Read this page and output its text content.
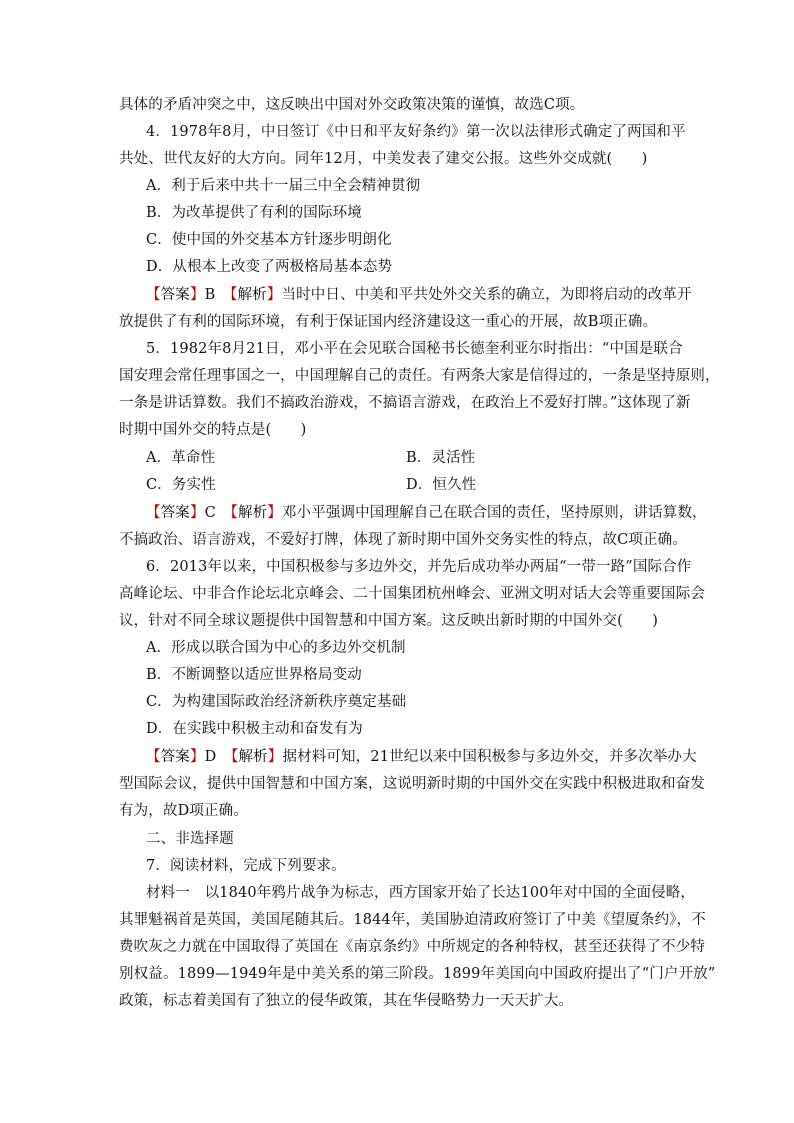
具体的矛盾冲突之中，这反映出中国对外交政策决策的谨慎，故选C项。
4．1978年8月，中日签订《中日和平友好条约》第一次以法律形式确定了两国和平
共处、世代友好的大方向。同年12月，中美发表了建交公报。这些外交成就(　　)
A．利于后来中共十一届三中全会精神贯彻
B．为改革提供了有利的国际环境
C．使中国的外交基本方针逐步明朗化
D．从根本上改变了两极格局基本态势
【答案】B　【解析】当时中日、中美和平共处外交关系的确立，为即将启动的改革开
放提供了有利的国际环境，有利于保证国内经济建设这一重心的开展，故B项正确。
5．1982年8月21日，邓小平在会见联合国秘书长德奎利亚尔时指出：“中国是联合
国安理会常任理事国之一，中国理解自己的责任。有两条大家是信得过的，一条是坚持原则，
一条是讲话算数。我们不搞政治游戏，不搞语言游戏，在政治上不爱好打牌。”这体现了新
时期中国外交的特点是(　　)
A．革命性	B．灵活性
C．务实性	D．恒久性
【答案】C　【解析】邓小平强调中国理解自己在联合国的责任，坚持原则，讲话算数，
不搞政治、语言游戏，不爱好打牌，体现了新时期中国外交务实性的特点，故C项正确。
6．2013年以来，中国积极参与多边外交，并先后成功举办两届“一带一路”国际合作
高峰论坛、中非合作论坛北京峰会、二十国集团杭州峰会、亚洲文明对话大会等重要国际会
议，针对不同全球议题提供中国智慧和中国方案。这反映出新时期的中国外交(　　)
A．形成以联合国为中心的多边外交机制
B．不断调整以适应世界格局变动
C．为构建国际政治经济新秩序奠定基础
D．在实践中积极主动和奋发有为
【答案】D　【解析】据材料可知，21世纪以来中国积极参与多边外交，并多次举办大
型国际会议，提供中国智慧和中国方案，这说明新时期的中国外交在实践中积极进取和奋发
有为，故D项正确。
二、非选择题
7．阅读材料，完成下列要求。
材料一　以1840年鸦片战争为标志，西方国家开始了长达100年对中国的全面侵略，
其罪魁祸首是英国，美国尾随其后。1844年，美国胁迫清政府签订了中美《望厦条约》，不
费吹灰之力就在中国取得了英国在《南京条约》中所规定的各种特权，甚至还获得了不少特
别权益。1899—1949年是中美关系的第三阶段。1899年美国向中国政府提出了“门户开放”
政策，标志着美国有了独立的侵华政策，其在华侵略势力一天天扩大。
